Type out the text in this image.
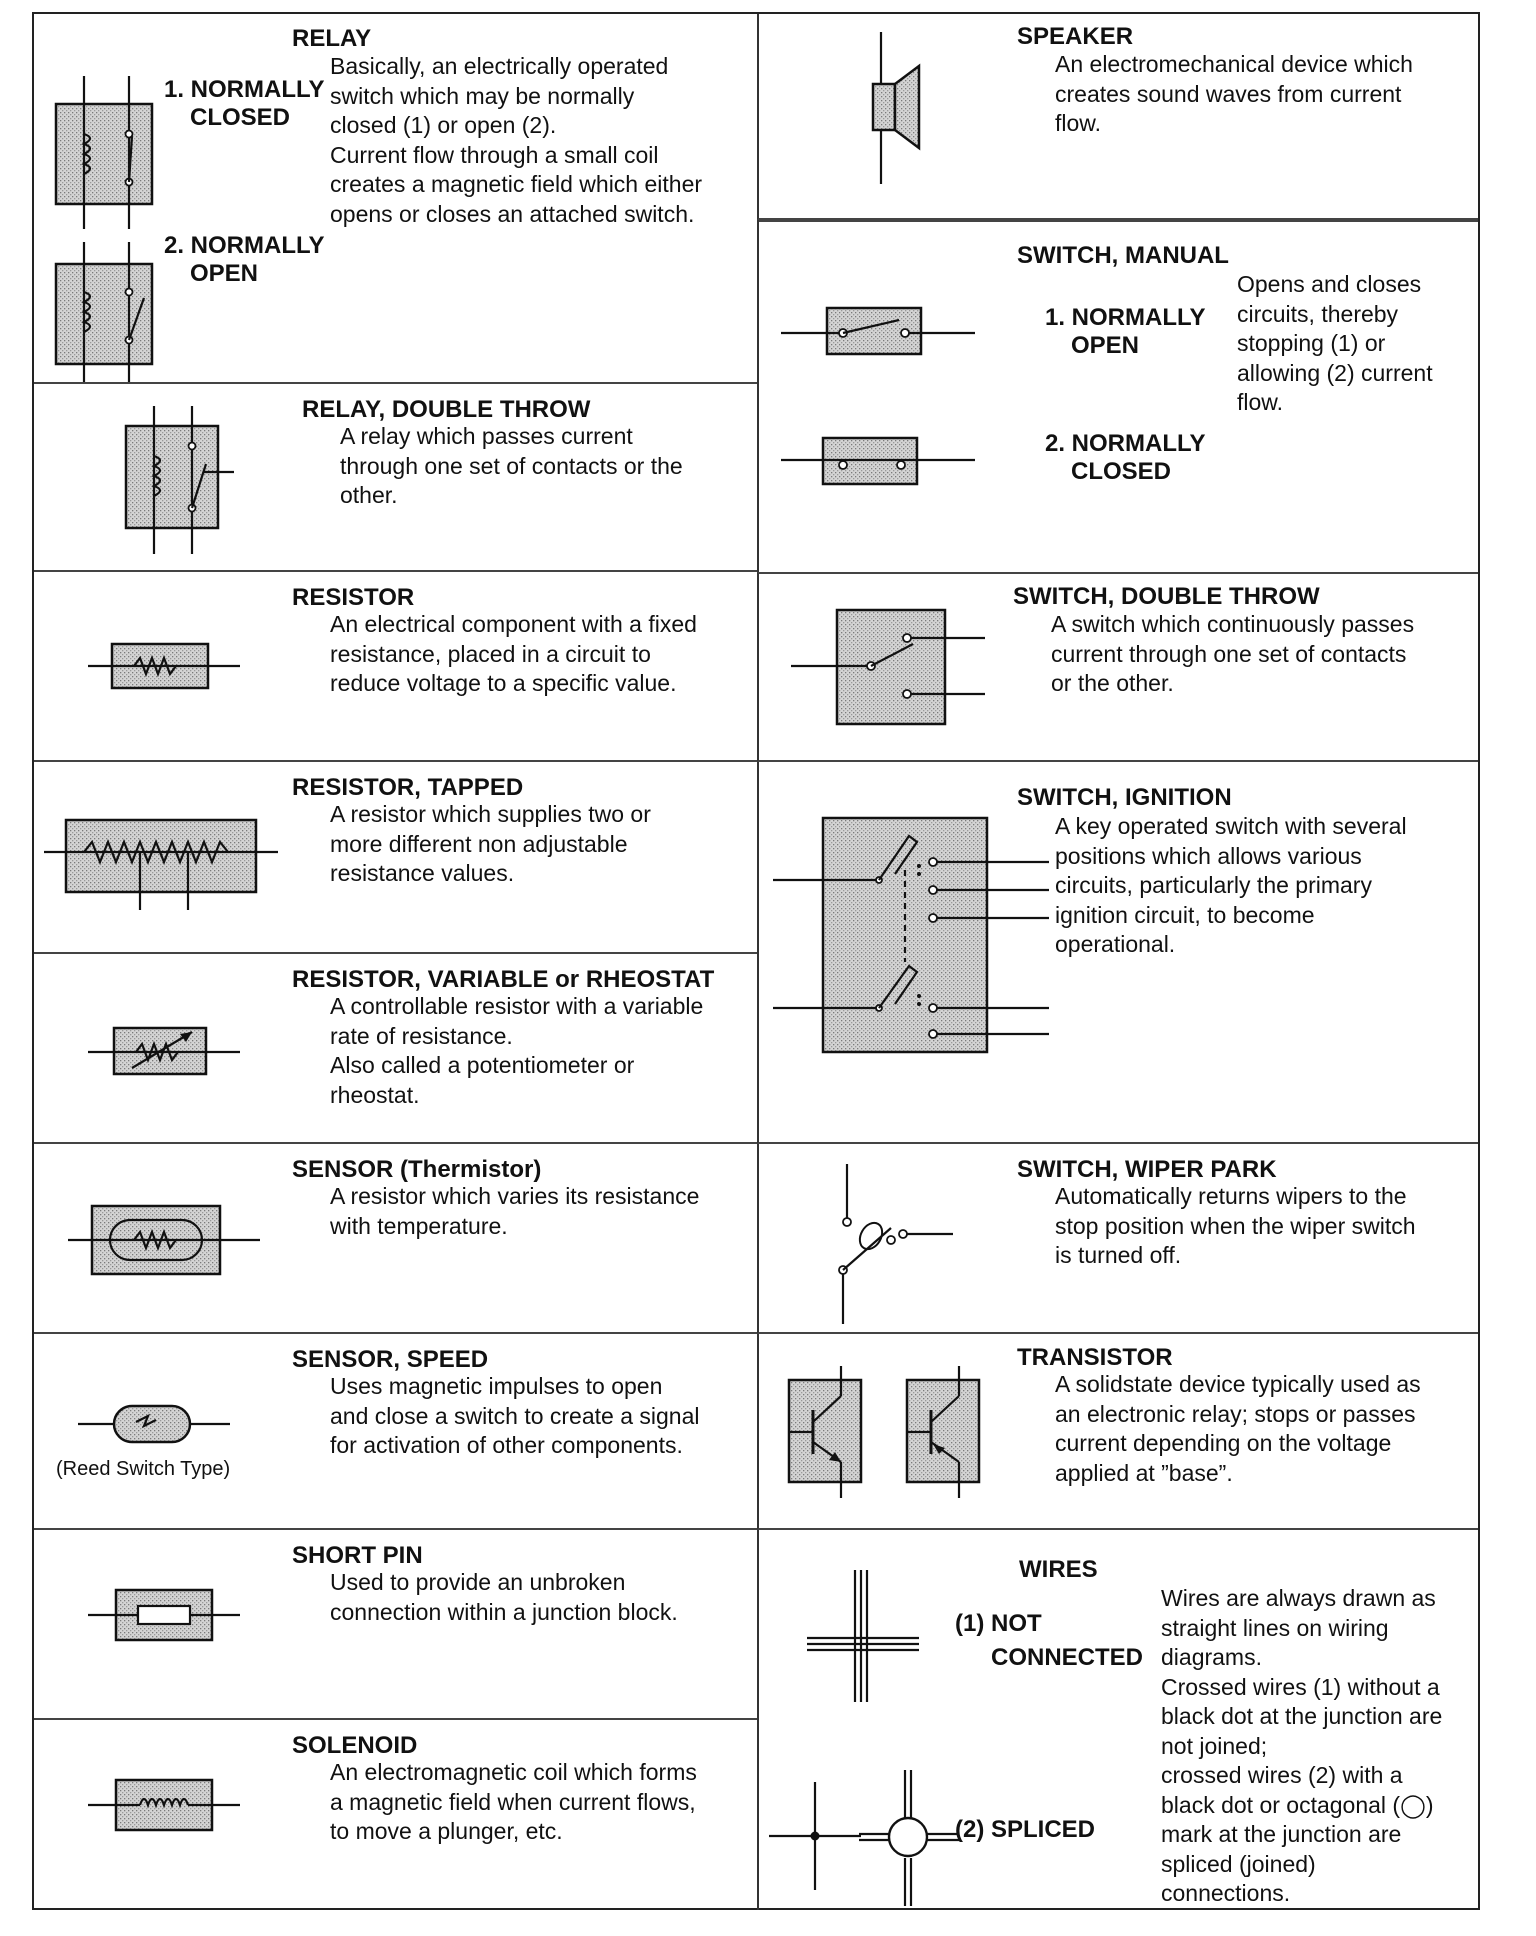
RELAY
1. NORMALLY
CLOSED
2. NORMALLY
OPEN
Basically, an electrically operated
switch which may be normally
closed (1) or open (2).
Current flow through a small coil
creates a magnetic field which either
opens or closes an attached switch.
RELAY, DOUBLE THROW
A relay which passes current
through one set of contacts or the
other.
RESISTOR
An electrical component with a fixed
resistance, placed in a circuit to
reduce voltage to a specific value.
RESISTOR, TAPPED
A resistor which supplies two or
more different non adjustable
resistance values.
RESISTOR, VARIABLE or RHEOSTAT
A controllable resistor with a variable
rate of resistance.
Also called a potentiometer or
rheostat.
SENSOR (Thermistor)
A resistor which varies its resistance
with temperature.
(Reed Switch Type)
SENSOR, SPEED
Uses magnetic impulses to open
and close a switch to create a signal
for activation of other components.
SHORT PIN
Used to provide an unbroken
connection within a junction block.
SOLENOID
An electromagnetic coil which forms
a magnetic field when current flows,
to move a plunger, etc.
SPEAKER
An electromechanical device which
creates sound waves from current
flow.
SWITCH, MANUAL
1. NORMALLY
OPEN
2. NORMALLY
CLOSED
Opens and closes
circuits, thereby
stopping (1) or
allowing (2) current
flow.
SWITCH, DOUBLE THROW
A switch which continuously passes
current through one set of contacts
or the other.
SWITCH, IGNITION
A key operated switch with several
positions which allows various
circuits, particularly the primary
ignition circuit, to become
operational.
SWITCH, WIPER PARK
Automatically returns wipers to the
stop position when the wiper switch
is turned off.
TRANSISTOR
A solidstate device typically used as
an electronic relay; stops or passes
current depending on the voltage
applied at ”base”.
WIRES
(1) NOT
CONNECTED
(2) SPLICED
Wires are always drawn as
straight lines on wiring
diagrams.
Crossed wires (1) without a
black dot at the junction are
not joined;
crossed wires (2) with a
black dot or octagonal (◯)
mark at the junction are
spliced (joined)
connections.
